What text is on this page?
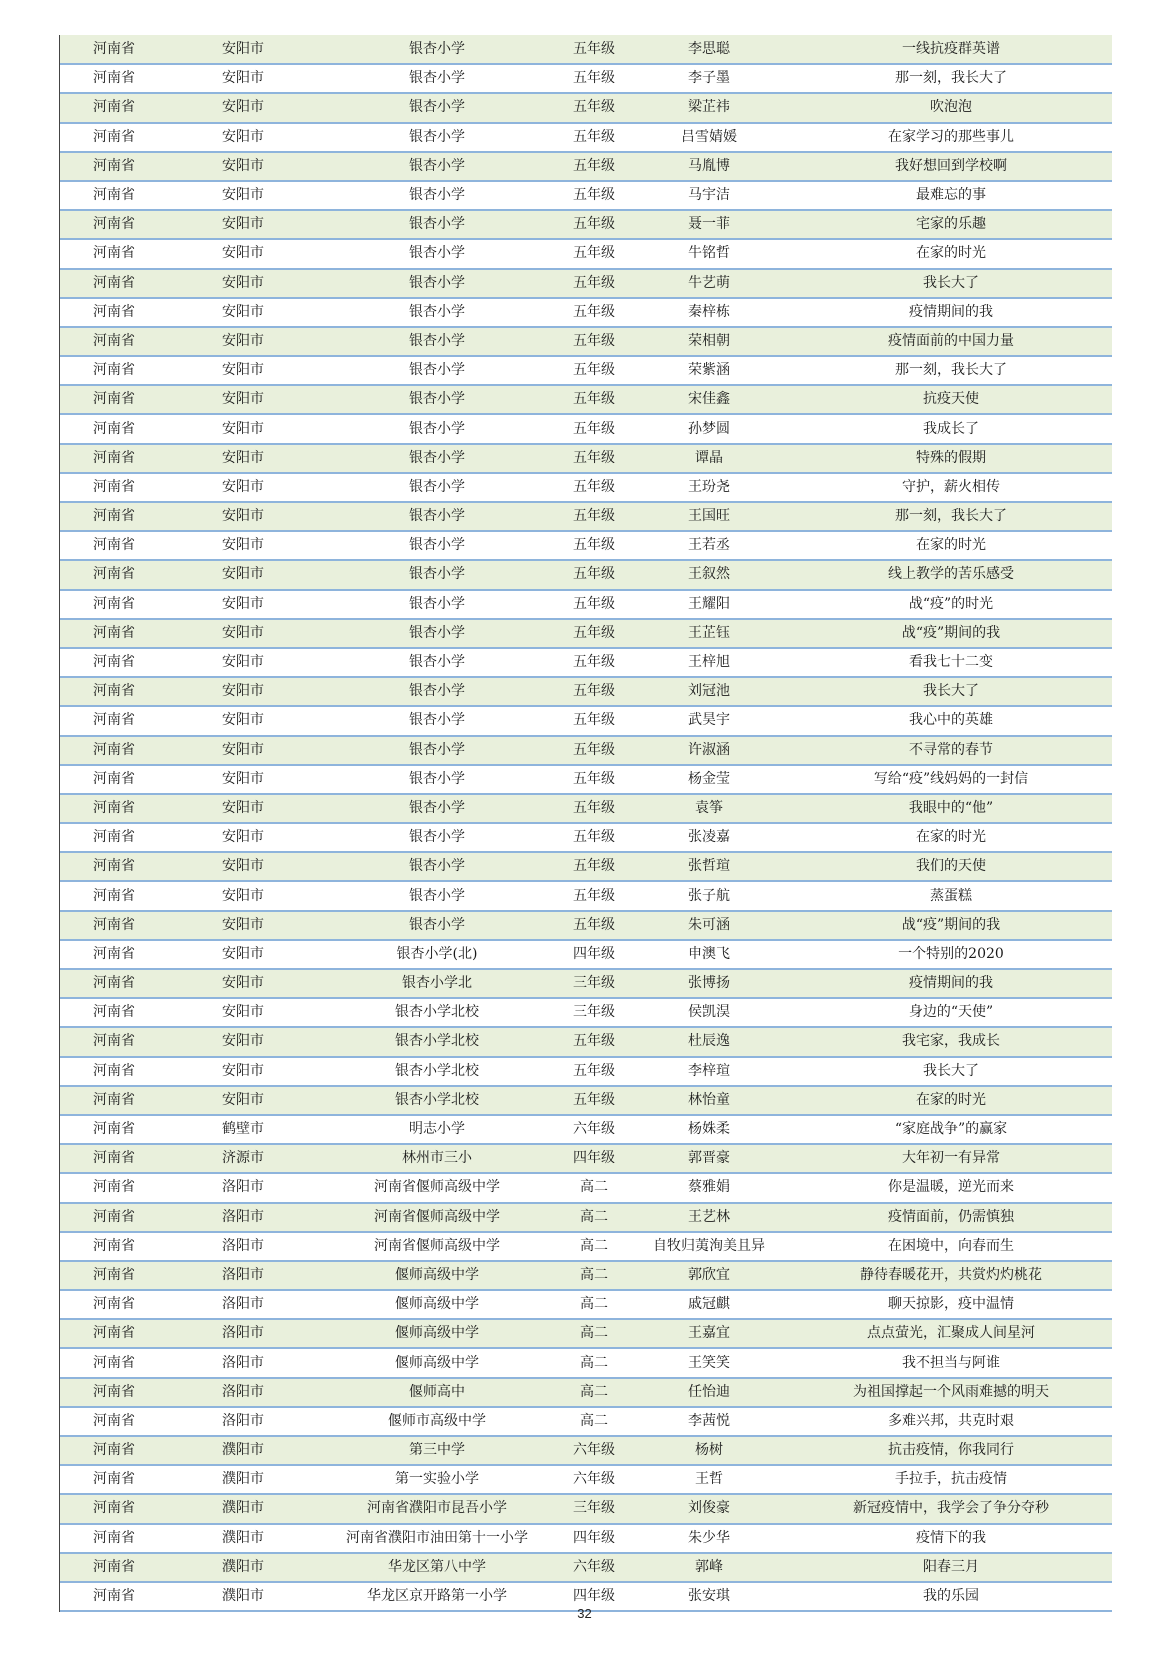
河南省	安阳市	银杏小学	五年级	李思聪	一线抗疫群英谱
河南省	安阳市	银杏小学	五年级	李子墨	那一刻，我长大了
河南省	安阳市	银杏小学	五年级	梁芷祎	吹泡泡
河南省	安阳市	银杏小学	五年级	吕雪婧媛	在家学习的那些事儿
河南省	安阳市	银杏小学	五年级	马胤博	我好想回到学校啊
河南省	安阳市	银杏小学	五年级	马宇洁	最难忘的事
河南省	安阳市	银杏小学	五年级	聂一菲	宅家的乐趣
河南省	安阳市	银杏小学	五年级	牛铭哲	在家的时光
河南省	安阳市	银杏小学	五年级	牛艺萌	我长大了
河南省	安阳市	银杏小学	五年级	秦梓栋	疫情期间的我
河南省	安阳市	银杏小学	五年级	荣相朝	疫情面前的中国力量
河南省	安阳市	银杏小学	五年级	荣紫涵	那一刻，我长大了
河南省	安阳市	银杏小学	五年级	宋佳鑫	抗疫天使
河南省	安阳市	银杏小学	五年级	孙梦圆	我成长了
河南省	安阳市	银杏小学	五年级	谭晶	特殊的假期
河南省	安阳市	银杏小学	五年级	王玢尧	守护，薪火相传
河南省	安阳市	银杏小学	五年级	王国旺	那一刻，我长大了
河南省	安阳市	银杏小学	五年级	王若丞	在家的时光
河南省	安阳市	银杏小学	五年级	王叙然	线上教学的苦乐感受
河南省	安阳市	银杏小学	五年级	王耀阳	战“疫”的时光
河南省	安阳市	银杏小学	五年级	王芷钰	战“疫”期间的我
河南省	安阳市	银杏小学	五年级	王梓旭	看我七十二变
河南省	安阳市	银杏小学	五年级	刘冠池	我长大了
河南省	安阳市	银杏小学	五年级	武昊宇	我心中的英雄
河南省	安阳市	银杏小学	五年级	许淑涵	不寻常的春节
河南省	安阳市	银杏小学	五年级	杨金莹	写给“疫”线妈妈的一封信
河南省	安阳市	银杏小学	五年级	袁筝	我眼中的“他”
河南省	安阳市	银杏小学	五年级	张凌嘉	在家的时光
河南省	安阳市	银杏小学	五年级	张哲瑄	我们的天使
河南省	安阳市	银杏小学	五年级	张子航	蒸蛋糕
河南省	安阳市	银杏小学	五年级	朱可涵	战“疫”期间的我
河南省	安阳市	银杏小学(北)	四年级	申澳飞	一个特别的2020
河南省	安阳市	银杏小学北	三年级	张博扬	疫情期间的我
河南省	安阳市	银杏小学北校	三年级	侯凯淏	身边的“天使”
河南省	安阳市	银杏小学北校	五年级	杜辰逸	我宅家，我成长
河南省	安阳市	银杏小学北校	五年级	李梓瑄	我长大了
河南省	安阳市	银杏小学北校	五年级	林怡童	在家的时光
河南省	鹤壁市	明志小学	六年级	杨姝柔	“家庭战争”的赢家
河南省	济源市	林州市三小	四年级	郭晋豪	大年初一有异常
河南省	洛阳市	河南省偃师高级中学	高二	蔡雅娟	你是温暖，逆光而来
河南省	洛阳市	河南省偃师高级中学	高二	王艺林	疫情面前，仍需慎独
河南省	洛阳市	河南省偃师高级中学	高二	自牧归荑洵美且异	在困境中，向春而生
河南省	洛阳市	偃师高级中学	高二	郭欣宜	静待春暖花开，共赏灼灼桃花
河南省	洛阳市	偃师高级中学	高二	戚冠麒	聊天掠影，疫中温情
河南省	洛阳市	偃师高级中学	高二	王嘉宜	点点萤光，汇聚成人间星河
河南省	洛阳市	偃师高级中学	高二	王笑笑	我不担当与阿谁
河南省	洛阳市	偃师高中	高二	任怡迪	为祖国撑起一个风雨难撼的明天
河南省	洛阳市	偃师市高级中学	高二	李茜悦	多难兴邦，共克时艰
河南省	濮阳市	第三中学	六年级	杨树	抗击疫情，你我同行
河南省	濮阳市	第一实验小学	六年级	王哲	手拉手，抗击疫情
河南省	濮阳市	河南省濮阳市昆吾小学	三年级	刘俊豪	新冠疫情中，我学会了争分夺秒
河南省	濮阳市	河南省濮阳市油田第十一小学	四年级	朱少华	疫情下的我
河南省	濮阳市	华龙区第八中学	六年级	郭峰	阳春三月
河南省	濮阳市	华龙区京开路第一小学	四年级	张安琪	我的乐园
32
